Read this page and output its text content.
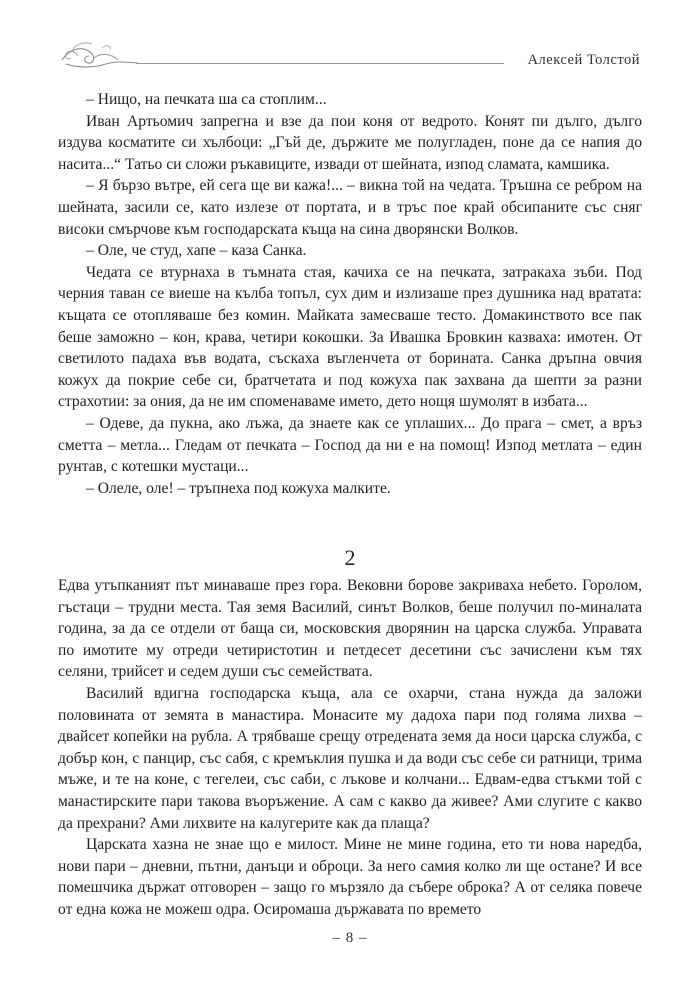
Алексей Толстой

– Нищо, на печката ша са стоплим...

Иван Артьомич запрегна и взе да пои коня от ведрото. Конят пи дълго, дълго издува косматите си хълбоци: „Гъй де, държите ме полугладен, поне да се напия до насита...“ Татьо си сложи ръкавиците, извади от шейната, изпод сламата, камшика.

– Я бързо вътре, ей сега ще ви кажа!... – викна той на чедата. Тръшна се ребром на шейната, засили се, като излезе от портата, и в тръс пое край обсипаните със сняг високи смърчове към господарската къща на сина дворянски Волков.

– Оле, че студ, хапе – каза Санка.

Чедата се втурнаха в тъмната стая, качиха се на печката, затракаха зъби. Под черния таван се виеше на кълба топъл, сух дим и излизаше през душника над вратата: къщата се отопляваше без комин. Майката замесваше тесто. Домакинството все пак беше заможно – кон, крава, четири кокошки. За Ивашка Бровкин казваха: имотен. От светилото падаха във водата, съскаха въгленчета от борината. Санка дръпна овчия кожух да покрие себе си, братчетата и под кожуха пак захвана да шепти за разни страхотии: за ония, да не им споменаваме името, дето нощя шумолят в избата...

– Одеве, да пукна, ако лъжа, да знаете как се уплаших... До прага – смет, а връз сметта – метла... Гледам от печката – Господ да ни е на помощ! Изпод метлата – един рунтав, с котешки мустаци...

– Олеле, оле! – тръпнеха под кожуха малките.

2

Едва утъпканият път минаваше през гора. Вековни борове закриваха небето. Горолом, гъстаци – трудни места. Тая земя Василий, синът Волков, беше получил по-миналата година, за да се отдели от баща си, московския дворянин на царска служба. Управата по имотите му отреди четиристотин и петдесет десетини със зачислени към тях селяни, трийсет и седем души със семействата.

Василий вдигна господарска къща, ала се охарчи, стана нужда да заложи половината от земята в манастира. Монасите му дадоха пари под голяма лихва – двайсет копейки на рубла. А трябваше срещу отредената земя да носи царска служба, с добър кон, с панцир, със сабя, с кремъклия пушка и да води със себе си ратници, трима мъже, и те на коне, с тегелеи, със саби, с лъкове и колчани... Едвам-едва стъкми той с манастирските пари такова въоръжение. А сам с какво да живее? Ами слугите с какво да прехрани? Ами лихвите на калугерите как да плаща?

Царската хазна не знае що е милост. Мине не мине година, ето ти нова наредба, нови пари – дневни, пътни, данъци и оброци. За него самия колко ли ще остане? И все помешчика държат отговорен – защо го мързяло да събере оброка? А от селяка повече от една кожа не можеш одра. Осиромаша държавата по времето

– 8 –
